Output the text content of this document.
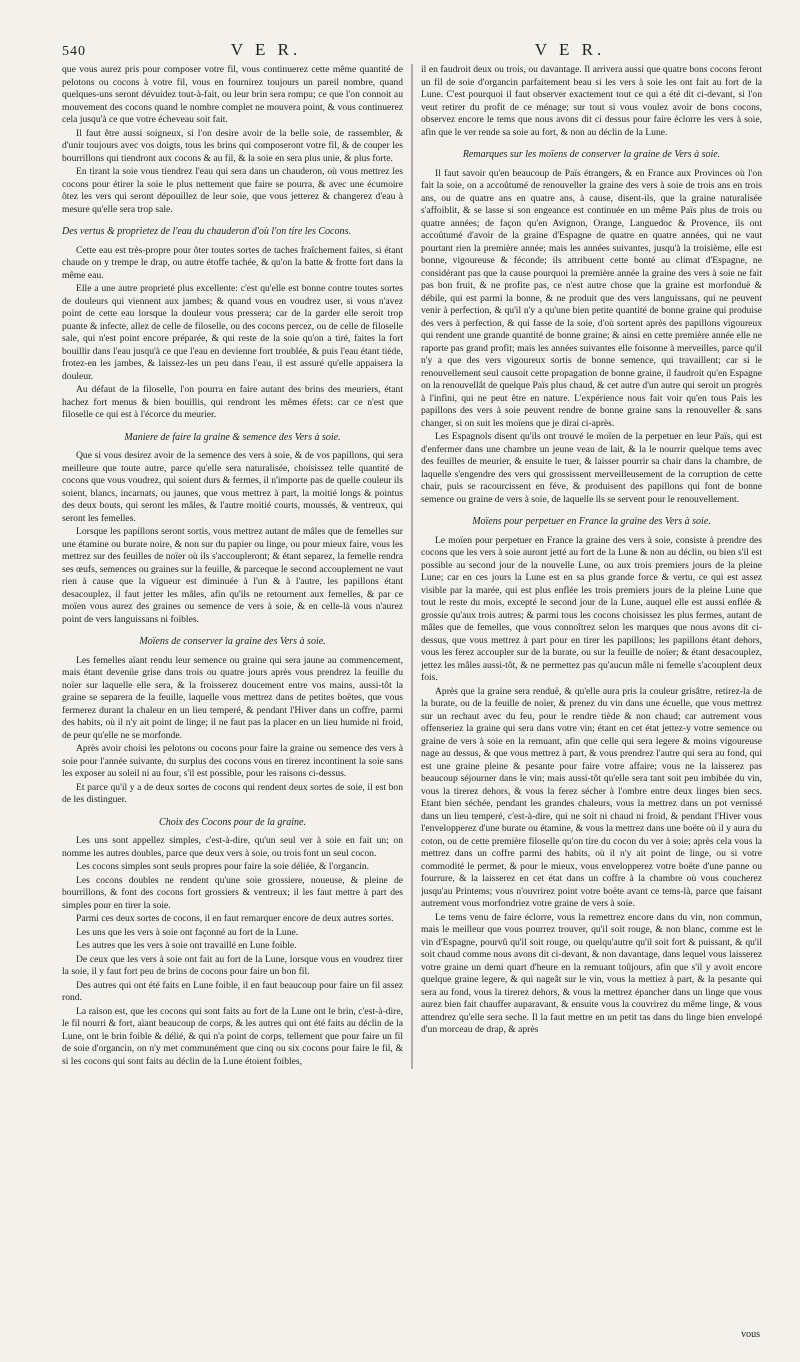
540	V E R.	V E R.

que vous aurez pris pour composer votre fil, vous continuerez cette même quantité de pelotons ou cocons à votre fil, vous en fournirez toujours un pareil nombre, quand quelques-uns seront dévuidez tout-à-fait, ou leur brin sera rompu; ce que l'on connoit au mouvement des cocons quand le nombre complet ne mouvera point, & vous continuerez cela jusqu'à ce que votre écheveau soit fait.

Il faut être aussi soigneux, si l'on desire avoir de la belle soie, de rassembler, & d'unir toujours avec vos doigts, tous les brins qui composeront votre fil, & de couper les bourrillons qui tiendront aux cocons & au fil, & la soie en sera plus unie, & plus forte.

En tirant la soie vous tiendrez l'eau qui sera dans un chauderon, où vous mettrez les cocons pour étirer la soie le plus nettement que faire se pourra, & avec une écumoire ôtez les vers qui seront dépouillez de leur soie, que vous jetterez & changerez d'eau à mesure qu'elle sera trop sale.

Des vertus & proprietez de l'eau du chauderon d'où l'on tire les Cocons.

Cette eau est très-propre pour ôter toutes sortes de taches fraîchement faites, si étant chaude on y trempe le drap, ou autre étoffe tachée, & qu'on la batte & frotte fort dans la même eau.

Elle a une autre proprieté plus excellente: c'est qu'elle est bonne contre toutes sortes de douleurs qui viennent aux jambes; & quand vous en voudrez user, si vous n'avez point de cette eau lorsque la douleur vous pressera; car de la garder elle seroit trop puante & infecte, allez de celle de filoselle, ou des cocons percez, ou de celle de filoselle sale, qui n'est point encore préparée, & qui reste de la soie qu'on a tiré, faites la fort bouillir dans l'eau jusqu'à ce que l'eau en devienne fort troublée, & puis l'eau étant tiéde, frotez-en les jambes, & laissez-les un peu dans l'eau, il est assuré qu'elle appaisera la douleur.

Au défaut de la filoselle, l'on pourra en faire autant des brins des meuriers, étant hachez fort menus & bien bouillis, qui rendront les mêmes éfets: car ce n'est que filoselle ce qui est à l'écorce du meurier.

Maniere de faire la graine & semence des Vers à soie.

Que si vous desirez avoir de la semence des vers à soie, & de vos papillons, qui sera meilleure que toute autre, parce qu'elle sera naturalisée, choisissez telle quantité de cocons que vous voudrez, qui soient durs & fermes, il n'importe pas de quelle couleur ils soient, blancs, incarnats, ou jaunes, que vous mettrez à part, la moitié longs & pointus des deux bouts, qui seront les mâles, & l'autre moitié courts, moussés, & ventreux, qui seront les femelles.

Lorsque les papillons seront sortis, vous mettrez autant de mâles que de femelles sur une étamine ou burate noire, & non sur du papier ou linge, ou pour mieux faire, vous les mettrez sur des feuilles de noïer où ils s'accoupleront; & étant separez, la femelle rendra ses œufs, semences ou graines sur la feuille, & parceque le second accouplement ne vaut rien à cause que la vigueur est diminuée à l'un & à l'autre, les papillons étant desacouplez, il faut jetter les mâles, afin qu'ils ne retournent aux femelles, & par ce moïen vous aurez des graines ou semence de vers à soie, & en celle-là vous n'aurez point de vers languissans ni foibles.

Moïens de conserver la graine des Vers à soie.

Les femelles aïant rendu leur semence ou graine qui sera jaune au commencement, mais étant devenüe grise dans trois ou quatre jours après vous prendrez la feuille du noïer sur laquelle elle sera, & la froisserez doucement entre vos mains, aussi-tôt la graine se separera de la feuille, laquelle vous mettrez dans de petites boëtes, que vous fermerez durant la chaleur en un lieu temperé, & pendant l'Hiver dans un coffre, parmi des habits, où il n'y ait point de linge; il ne faut pas la placer en un lieu humide ni froid, de peur qu'elle ne se morfonde.

Après avoir choisi les pelotons ou cocons pour faire la graine ou semence des vers à soie pour l'année suivante, du surplus des cocons vous en tirerez incontinent la soie sans les exposer au soleil ni au four, s'il est possible, pour les raisons ci-dessus.

Et parce qu'il y a de deux sortes de cocons qui rendent deux sortes de soie, il est bon de les distinguer.

Choix des Cocons pour de la graine.

Les uns sont appellez simples, c'est-à-dire, qu'un seul ver à soie en fait un; on nomme les autres doubles, parce que deux vers à soie, ou trois font un seul cocon.

Les cocons simples sont seuls propres pour faire la soie déliée, & l'organcin.

Les cocons doubles ne rendent qu'une soie grossiere, noueuse, & pleine de bourrillons, & font des cocons fort grossiers & ventreux; il les faut mettre à part des simples pour en tirer la soie.

Parmi ces deux sortes de cocons, il en faut remarquer encore de deux autres sortes.

Les uns que les vers à soie ont façonné au fort de la Lune.

Les autres que les vers à soie ont travaillé en Lune foible.

De ceux que les vers à soie ont fait au fort de la Lune, lorsque vous en voudrez tirer la soie, il y faut fort peu de brins de cocons pour faire un bon fil.

Des autres qui ont été faits en Lune foible, il en faut beaucoup pour faire un fil assez rond.

La raison est, que les cocons qui sont faits au fort de la Lune ont le brin, c'est-à-dire, le fil nourri & fort, aïant beaucoup de corps, & les autres qui ont été faits au déclin de la Lune, ont le brin foible & délié, & qui n'a point de corps, tellement que pour faire un fil de soie d'organcin, on n'y met communément que cinq ou six cocons pour faire le fil, & si les cocons qui sont faits au déclin de la Lune étoient foibles,

il en faudroit deux ou trois, ou davantage. Il arrivera aussi que quatre bons cocons feront un fil de soie d'organcin parfaitement beau si les vers à soie les ont fait au fort de la Lune. C'est pourquoi il faut observer exactement tout ce qui a été dit ci-devant, si l'on veut retirer du profit de ce ménage; sur tout si vous voulez avoir de bons cocons, observez encore le tems que nous avons dit ci dessus pour faire éclorre les vers à soie, afin que le ver rende sa soie au fort, & non au déclin de la Lune.

Remarques sur les moïens de conserver la graine de Vers à soie.

Il faut savoir qu'en beaucoup de Païs étrangers, & en France aux Provinces où l'on fait la soie, on a accoûtumé de renouveller la graine des vers à soie de trois ans en trois ans, ou de quatre ans en quatre ans, à cause, disent-ils, que la graine naturalisée s'affoiblit, & se lasse si son engeance est continuée en un même Païs plus de trois ou quatre années; de façon qu'en Avignon, Orange, Languedoc & Provence, ils ont accoûtumé d'avoir de la graine d'Espagne de quatre en quatre années, qui ne vaut pourtant rien la première année; mais les années suivantes, jusqu'à la troisième, elle est bonne, vigoureuse & féconde; ils attribuent cette bonté au climat d'Espagne, ne considérant pas que la cause pourquoi la première année la graine des vers à soie ne fait pas bon fruit, & ne profite pas, ce n'est autre chose que la graine est morfonduë & débile, qui est parmi la bonne, & ne produit que des vers languissans, qui ne peuvent venir à perfection, & qu'il n'y a qu'une bien petite quantité de bonne graine qui produise des vers à perfection, & qui fasse de la soie, d'où sortent après des papillons vigoureux qui rendent une grande quantité de bonne graine; & ainsi en cette première année elle ne raporte pas grand profit; mais les années suivantes elle foisonne à merveilles, parce qu'il n'y a que des vers vigoureux sortis de bonne semence, qui travaillent; car si le renouvellement seul causoit cette propagation de bonne graine, il faudroit qu'en Espagne on la renouvellât de quelque Païs plus chaud, & cet autre d'un autre qui seroit un progrès à l'infini, qui ne peut être en nature. L'expérience nous fait voir qu'en tous Païs les papillons des vers à soie peuvent rendre de bonne graine sans la renouveller & sans changer, si on suit les moïens que je dirai ci-après.

Les Espagnols disent qu'ils ont trouvé le moïen de la perpetuer en leur Païs, qui est d'enfermer dans une chambre un jeune veau de lait, & la le nourrir quelque tems avec des feuilles de meurier, & ensuite le tuer, & laisser pourrir sa chair dans la chambre, de laquelle s'engendre des vers qui grossissent merveilleusement de la corruption de cette chair, puis se racourcissent en féve, & produisent des papillons qui font de bonne semence ou graine de vers à soie, de laquelle ils se servent pour le renouvellement.

Moïens pour perpetuer en France la graine des Vers à soie.

Le moïen pour perpetuer en France la graine des vers à soie, consiste à prendre des cocons que les vers à soie auront jetté au fort de la Lune & non au déclin, ou bien s'il est possible au second jour de la nouvelle Lune, ou aux trois premiers jours de la pleine Lune; car en ces jours la Lune est en sa plus grande force & vertu, ce qui est assez visible par la marée, qui est plus enflée les trois premiers jours de la pleine Lune que tout le reste du mois, excepté le second jour de la Lune, auquel elle est aussi enflée & grossie qu'aux trois autres; & parmi tous les cocons choisissez les plus fermes, autant de mâles que de femelles, que vous connoîtrez selon les marques que nous avons dit ci-dessus, que vous mettrez à part pour en tirer les papillons; les papillons étant dehors, vous les ferez accoupler sur de la burate, ou sur la feuille de noïer; & étant desacouplez, jettez les mâles aussi-tôt, & ne permettez pas qu'aucun mâle ni femelle s'acouplent deux fois.

Après que la graine sera renduë, & qu'elle aura pris la couleur grisâtre, retirez-la de la burate, ou de la feuille de noïer, & prenez du vin dans une écuelle, que vous mettrez sur un rechaut avec du feu, pour le rendre tiède & non chaud; car autrement vous offenseriez la graine qui sera dans votre vin; étant en cet état jettez-y votre semence ou graine de vers à soie en la remuant, afin que celle qui sera legere & moins vigoureuse nage au dessus, & que vous mettrez à part, & vous prendrez l'autre qui sera au fond, qui est une graine pleine & pesante pour faire votre affaire; vous ne la laisserez pas beaucoup séjourner dans le vin; mais aussi-tôt qu'elle sera tant soit peu imbibée du vin, vous la tirerez dehors, & vous la ferez sécher à l'ombre entre deux linges bien secs. Etant bien séchée, pendant les grandes chaleurs, vous la mettrez dans un pot vernissé dans un lieu temperé, c'est-à-dire, qui ne soit ni chaud ni froid, & pendant l'Hiver vous l'envelopperez d'une burate ou étamine, & vous la mettrez dans une boëte où il y aura du coton, ou de cette première filoselle qu'on tire du cocon du ver à soie; après cela vous la mettrez dans un coffre parmi des habits, où il n'y ait point de linge, ou si votre commodité le permet, & pour le mieux, vous envelopperez votre boëte d'une panne ou fourrure, & la laisserez en cet état dans un coffre à la chambre où vous coucherez jusqu'au Printems; vous n'ouvrirez point votre boëte avant ce tems-là, parce que faisant autrement vous morfondriez votre graine de vers à soie.

Le tems venu de faire éclorre, vous la remettrez encore dans du vin, non commun, mais le meilleur que vous pourrez trouver, qu'il soit rouge, & non blanc, comme est le vin d'Espagne, pourvû qu'il soit rouge, ou quelqu'autre qu'il soit fort & puissant, & qu'il soit chaud comme nous avons dit ci-devant, & non davantage, dans lequel vous laisserez votre graine un demi quart d'heure en la remuant toûjours, afin que s'il y avoit encore quelque graine legere, & qui nageât sur le vin, vous la mettiez à part, & la pesante qui sera au fond, vous la tirerez dehors, & vous la mettrez épancher dans un linge que vous aurez bien fait chauffer auparavant, & ensuite vous la couvrirez du même linge, & vous attendrez qu'elle sera seche. Il la faut mettre en un petit tas dans du linge bien envelopé d'un morceau de drap, & après

vous
